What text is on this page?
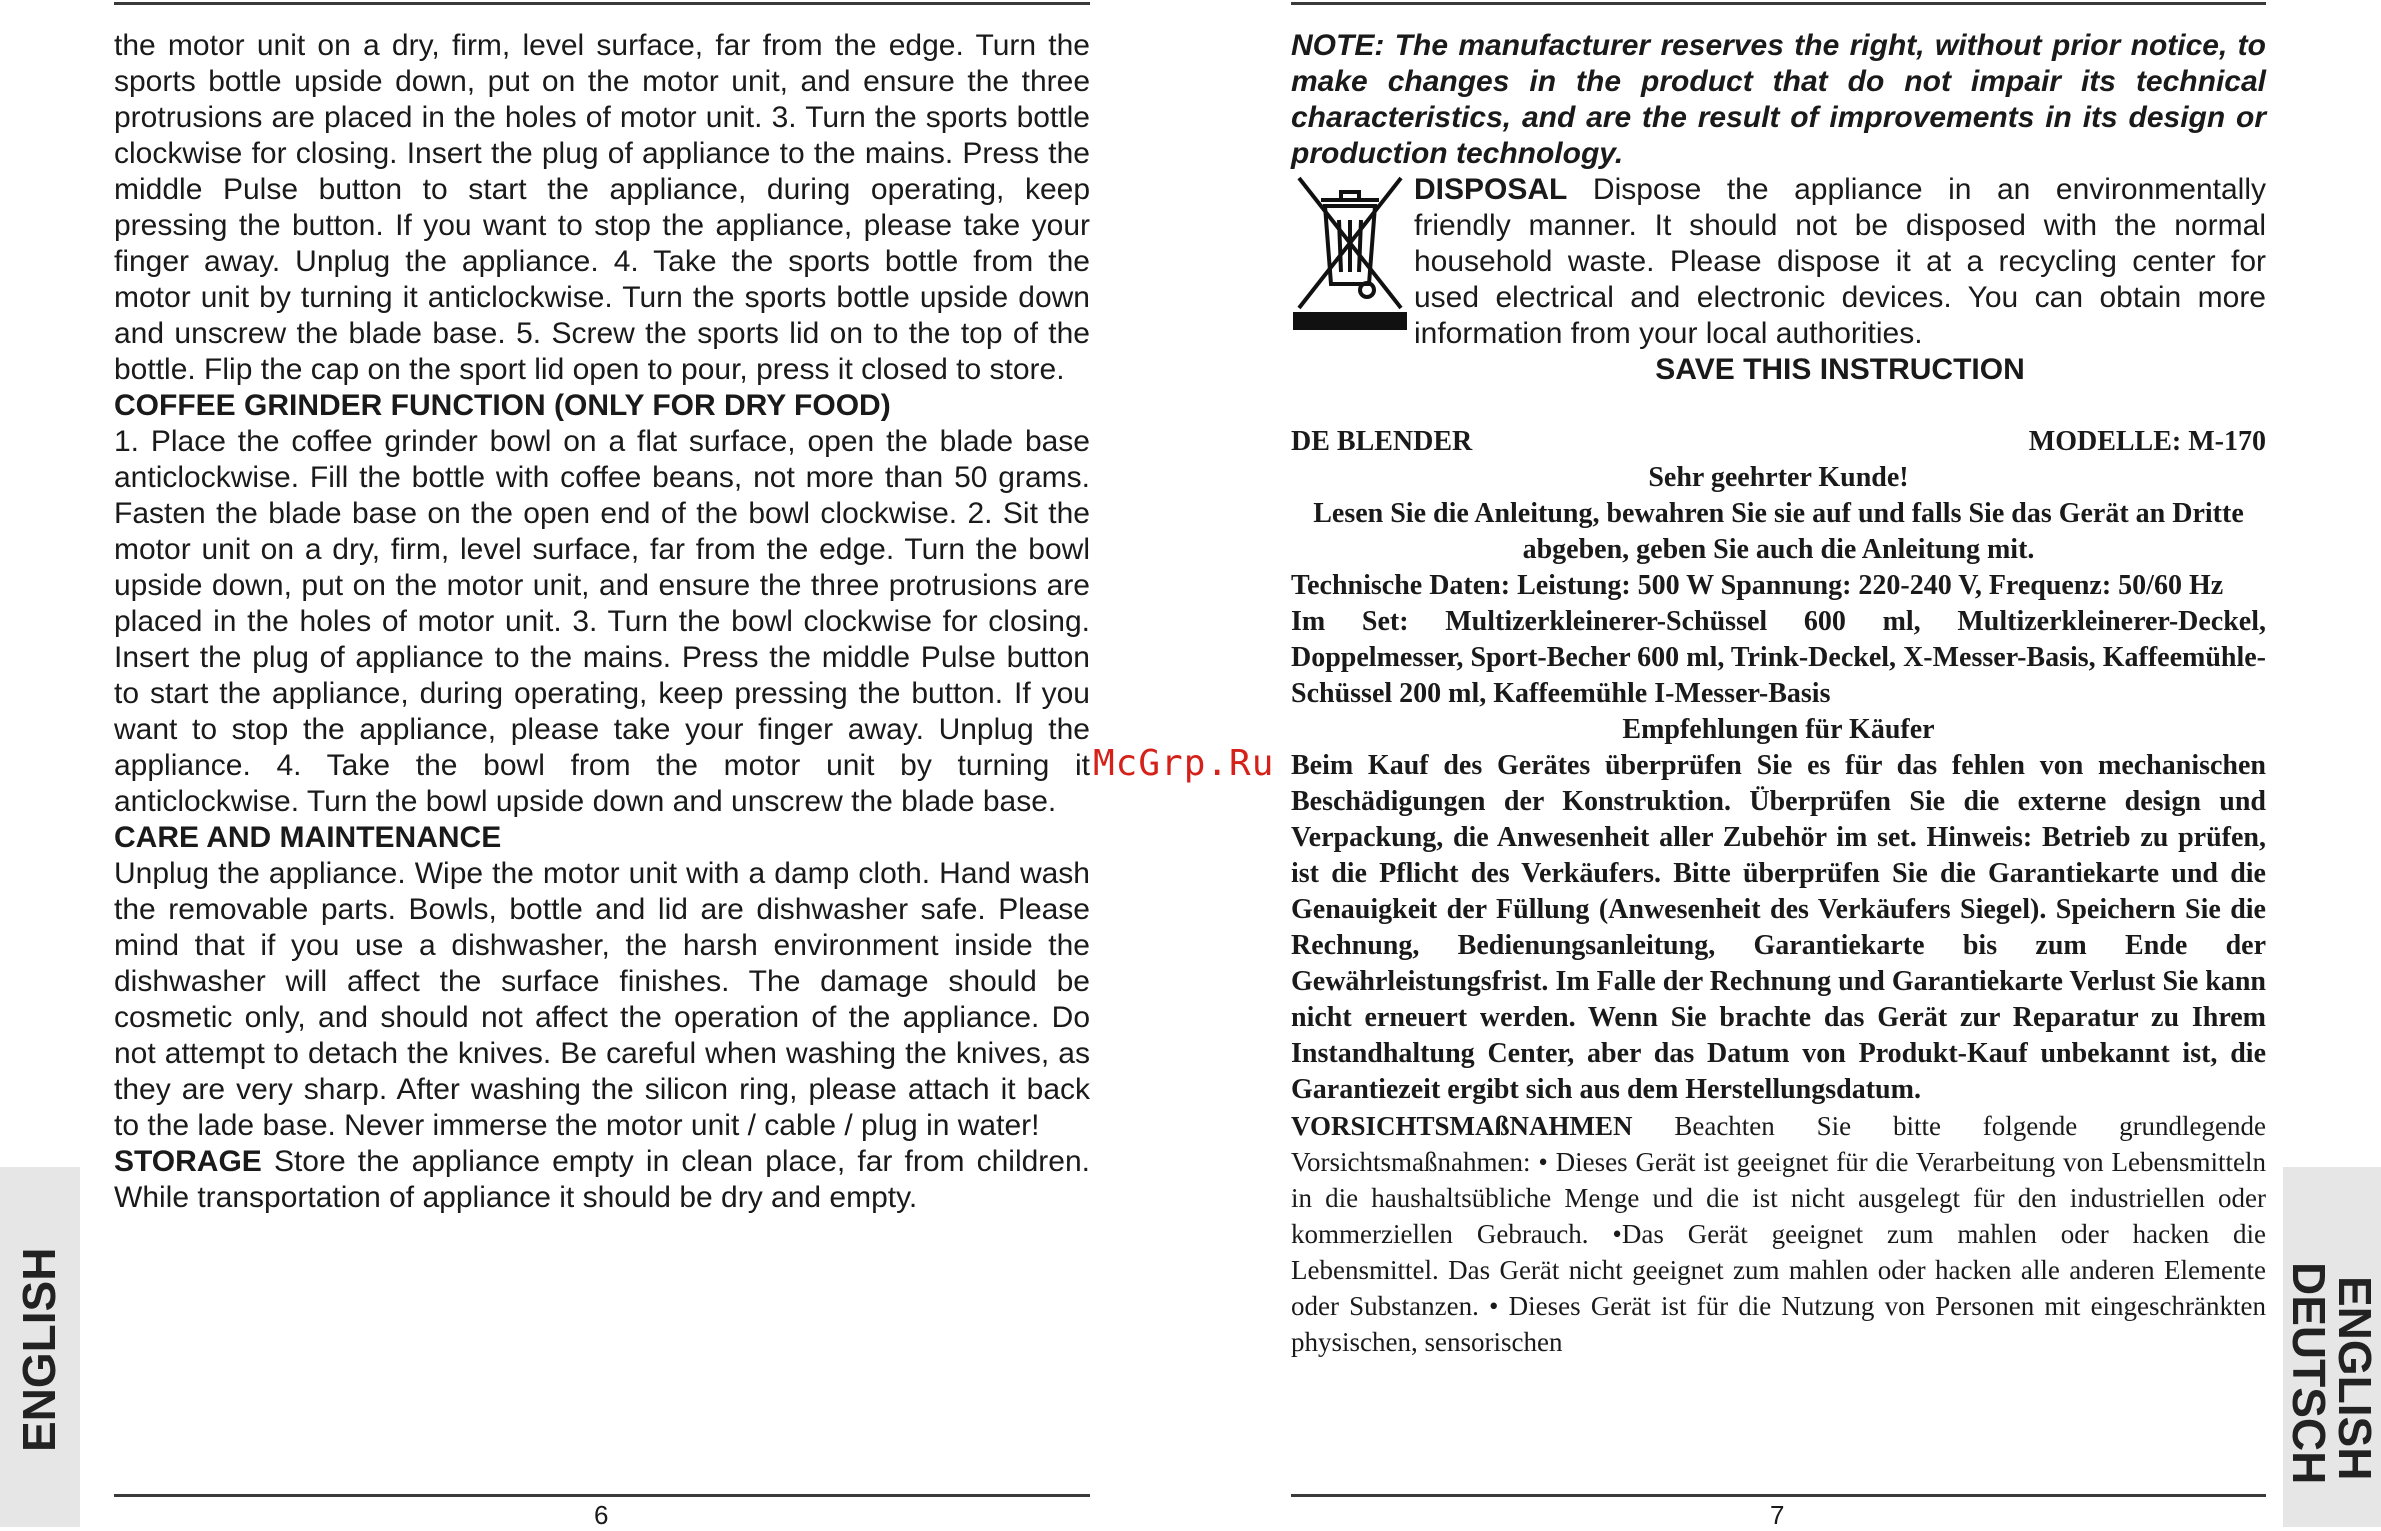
the motor unit on a dry, firm, level surface, far from the edge. Turn the sports bottle upside down, put on the motor unit, and ensure the three protrusions are placed in the holes of motor unit. 3. Turn the sports bottle clockwise for closing. Insert the plug of appliance to the mains. Press the middle Pulse button to start the appliance, during operating, keep pressing the button. If you want to stop the appliance, please take your finger away. Unplug the appliance. 4. Take the sports bottle from the motor unit by turning it anticlockwise. Turn the sports bottle upside down and unscrew the blade base. 5. Screw the sports lid on to the top of the bottle. Flip the cap on the sport lid open to pour, press it closed to store.

COFFEE GRINDER FUNCTION (ONLY FOR DRY FOOD)

1. Place the coffee grinder bowl on a flat surface, open the blade base anticlockwise. Fill the bottle with coffee beans, not more than 50 grams. Fasten the blade base on the open end of the bowl clockwise. 2. Sit the motor unit on a dry, firm, level surface, far from the edge. Turn the bowl upside down, put on the motor unit, and ensure the three protrusions are placed in the holes of motor unit. 3. Turn the bowl clockwise for closing. Insert the plug of appliance to the mains. Press the middle Pulse button to start the appliance, during operating, keep pressing the button. If you want to stop the appliance, please take your finger away. Unplug the appliance. 4. Take the bowl from the motor unit by turning it anticlockwise. Turn the bowl upside down and unscrew the blade base.

CARE AND MAINTENANCE

Unplug the appliance. Wipe the motor unit with a damp cloth. Hand wash the removable parts. Bowls, bottle and lid are dishwasher safe. Please mind that if you use a dishwasher, the harsh environment inside the dishwasher will affect the surface finishes. The damage should be cosmetic only, and should not affect the operation of the appliance. Do not attempt to detach the knives. Be careful when washing the knives, as they are very sharp. After washing the silicon ring, please attach it back to the lade base. Never immerse the motor unit / cable / plug in water!

STORAGE Store the appliance empty in clean place, far from children. While transportation of appliance it should be dry and empty.

NOTE: The manufacturer reserves the right, without prior notice, to make changes in the product that do not impair its technical characteristics, and are the result of improvements in its design or production technology.

DISPOSAL Dispose the appliance in an environmentally friendly manner. It should not be disposed with the normal household waste. Please dispose it at a recycling center for used electrical and electronic devices. You can obtain more information from your local authorities.

SAVE THIS INSTRUCTION

DE BLENDER	MODELLE: M-170

Sehr geehrter Kunde!

Lesen Sie die Anleitung, bewahren Sie sie auf und falls Sie das Gerät an Dritte abgeben, geben Sie auch die Anleitung mit.

Technische Daten: Leistung: 500 W Spannung: 220-240 V, Frequenz: 50/60 Hz

Im Set: Multizerkleinerer-Schüssel 600 ml, Multizerkleinerer-Deckel, Doppelmesser, Sport-Becher 600 ml, Trink-Deckel, X-Messer-Basis, Kaffeemühle-Schüssel 200 ml, Kaffeemühle I-Messer-Basis

Empfehlungen für Käufer

Beim Kauf des Gerätes überprüfen Sie es für das fehlen von mechanischen Beschädigungen der Konstruktion. Überprüfen Sie die externe design und Verpackung, die Anwesenheit aller Zubehör im set. Hinweis: Betrieb zu prüfen, ist die Pflicht des Verkäufers. Bitte überprüfen Sie die Garantiekarte und die Genauigkeit der Füllung (Anwesenheit des Verkäufers Siegel). Speichern Sie die Rechnung, Bedienungsanleitung, Garantiekarte bis zum Ende der Gewährleistungsfrist. Im Falle der Rechnung und Garantiekarte Verlust Sie kann nicht erneuert werden. Wenn Sie brachte das Gerät zur Reparatur zu Ihrem Instandhaltung Center, aber das Datum von Produkt-Kauf unbekannt ist, die Garantiezeit ergibt sich aus dem Herstellungsdatum.

VORSICHTSMAßNAHMEN Beachten Sie bitte folgende grundlegende Vorsichtsmaßnahmen: • Dieses Gerät ist geeignet für die Verarbeitung von Lebensmitteln in die haushaltsübliche Menge und die ist nicht ausgelegt für den industriellen oder kommerziellen Gebrauch. •Das Gerät geeignet zum mahlen oder hacken die Lebensmittel. Das Gerät nicht geeignet zum mahlen oder hacken alle anderen Elemente oder Substanzen. • Dieses Gerät ist für die Nutzung von Personen mit eingeschränkten physischen, sensorischen

McGrp.Ru
6	7
ENGLISH	ENGLISH
DEUTSCH
